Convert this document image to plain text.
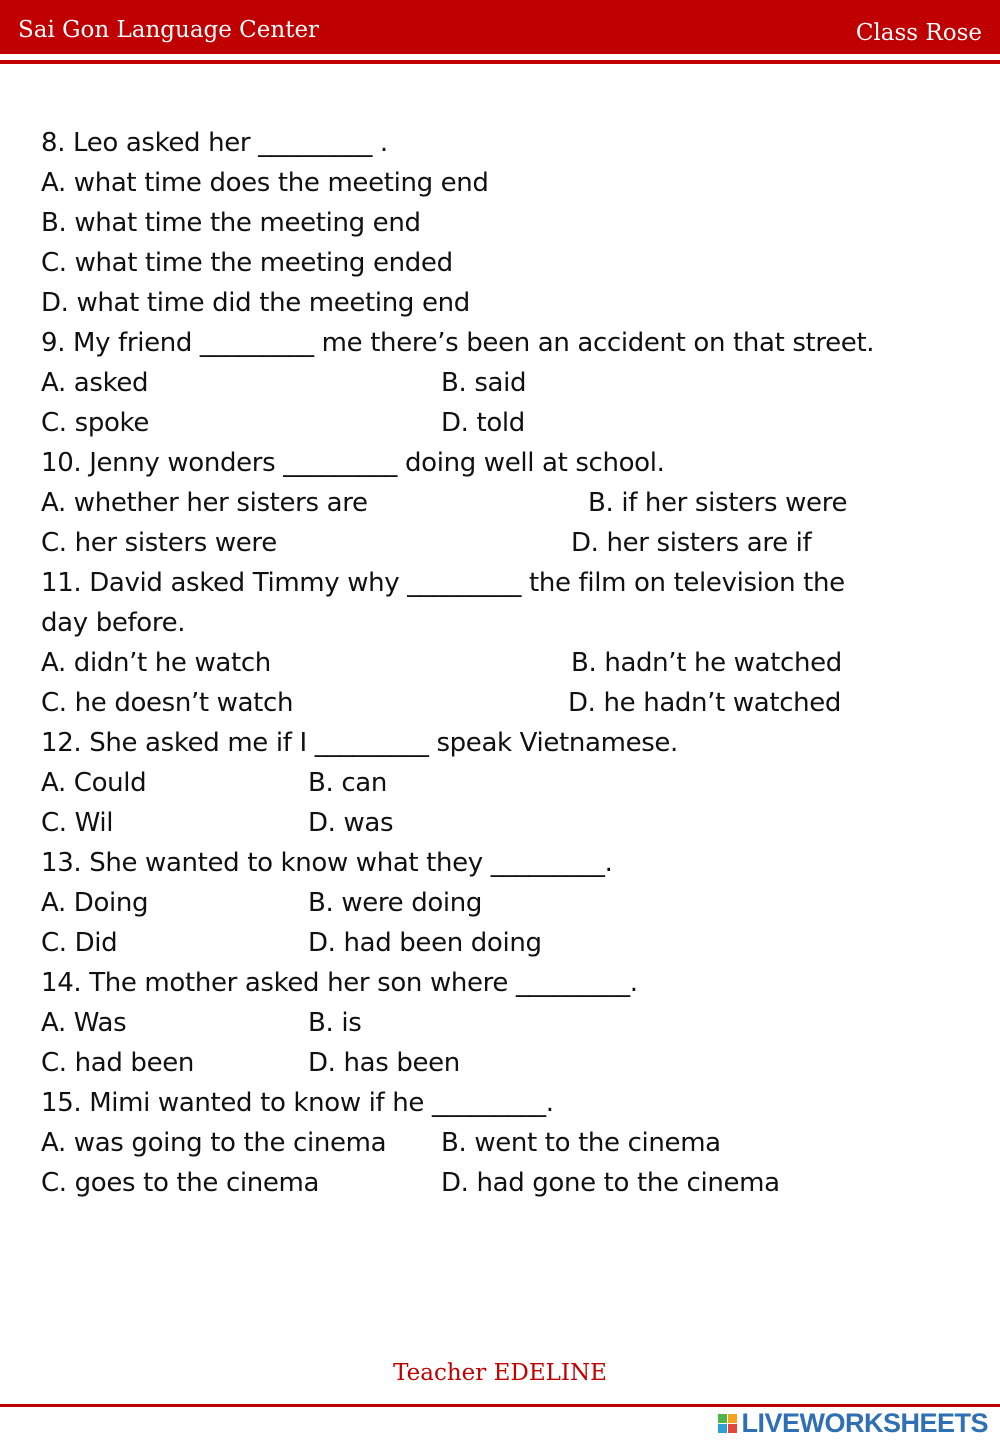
Sai Gon Language Center	Class Rose
8. Leo asked her _________ .
A. what time does the meeting end
B. what time the meeting end
C. what time the meeting ended
D. what time did the meeting end
9. My friend _________ me there’s been an accident on that street.
A. asked	B. said
C. spoke	D. told
10. Jenny wonders _________ doing well at school.
A. whether her sisters are	B. if her sisters were
C. her sisters were	D. her sisters are if
11. David asked Timmy why _________ the film on television the
day before.
A. didn’t he watch	B. hadn’t he watched
C. he doesn’t watch	D. he hadn’t watched
12. She asked me if I _________ speak Vietnamese.
A. Could	B. can
C. Wil	D. was
13. She wanted to know what they _________.
A. Doing	B. were doing
C. Did	D. had been doing
14. The mother asked her son where _________.
A. Was	B. is
C. had been	D. has been
15. Mimi wanted to know if he _________.
A. was going to the cinema B. went to the cinema
C. goes to the cinema	D. had gone to the cinema
Teacher EDELINE
LIVEWORKSHEETS
